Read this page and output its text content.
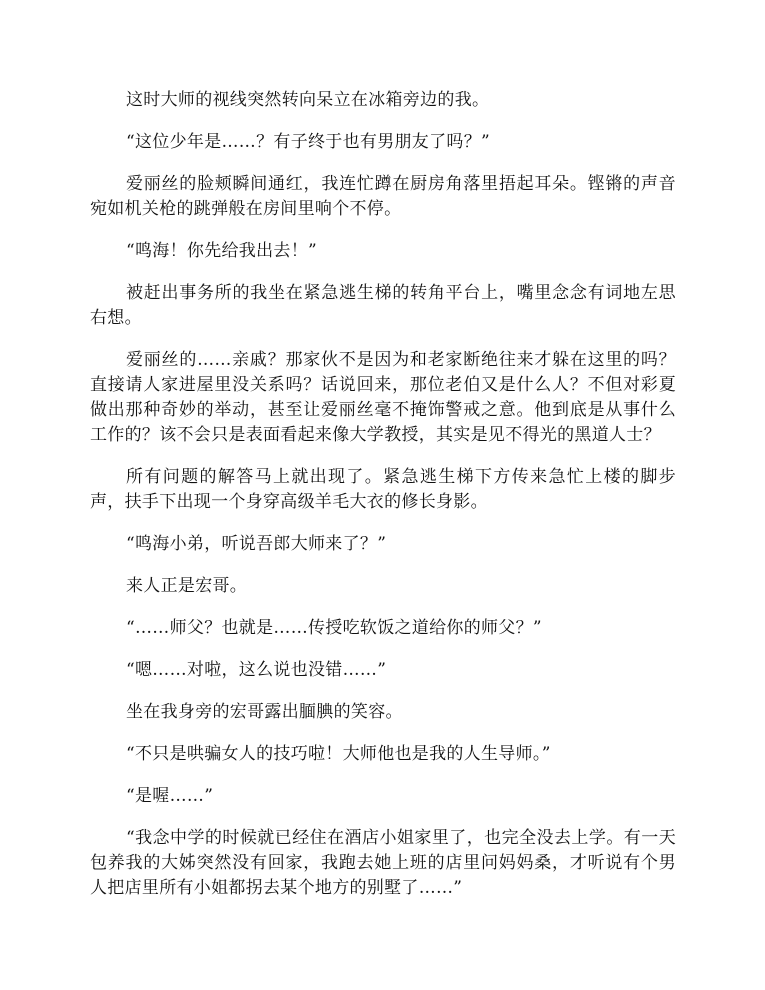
这时大师的视线突然转向呆立在冰箱旁边的我。

“这位少年是……？有子终于也有男朋友了吗？”

爱丽丝的脸颊瞬间通红，我连忙蹲在厨房角落里捂起耳朵。铿锵的声音宛如机关枪的跳弹般在房间里响个不停。

“鸣海！你先给我出去！”

被赶出事务所的我坐在紧急逃生梯的转角平台上，嘴里念念有词地左思右想。

爱丽丝的……亲戚？那家伙不是因为和老家断绝往来才躲在这里的吗？直接请人家进屋里没关系吗？话说回来，那位老伯又是什么人？不但对彩夏做出那种奇妙的举动，甚至让爱丽丝毫不掩饰警戒之意。他到底是从事什么工作的？该不会只是表面看起来像大学教授，其实是见不得光的黑道人士？

所有问题的解答马上就出现了。紧急逃生梯下方传来急忙上楼的脚步声，扶手下出现一个身穿高级羊毛大衣的修长身影。

“鸣海小弟，听说吾郎大师来了？”

来人正是宏哥。

“……师父？也就是……传授吃软饭之道给你的师父？”

“嗯……对啦，这么说也没错……”

坐在我身旁的宏哥露出腼腆的笑容。

“不只是哄骗女人的技巧啦！大师他也是我的人生导师。”

“是喔……”

“我念中学的时候就已经住在酒店小姐家里了，也完全没去上学。有一天包养我的大姊突然没有回家，我跑去她上班的店里问妈妈桑，才听说有个男人把店里所有小姐都拐去某个地方的别墅了……”
